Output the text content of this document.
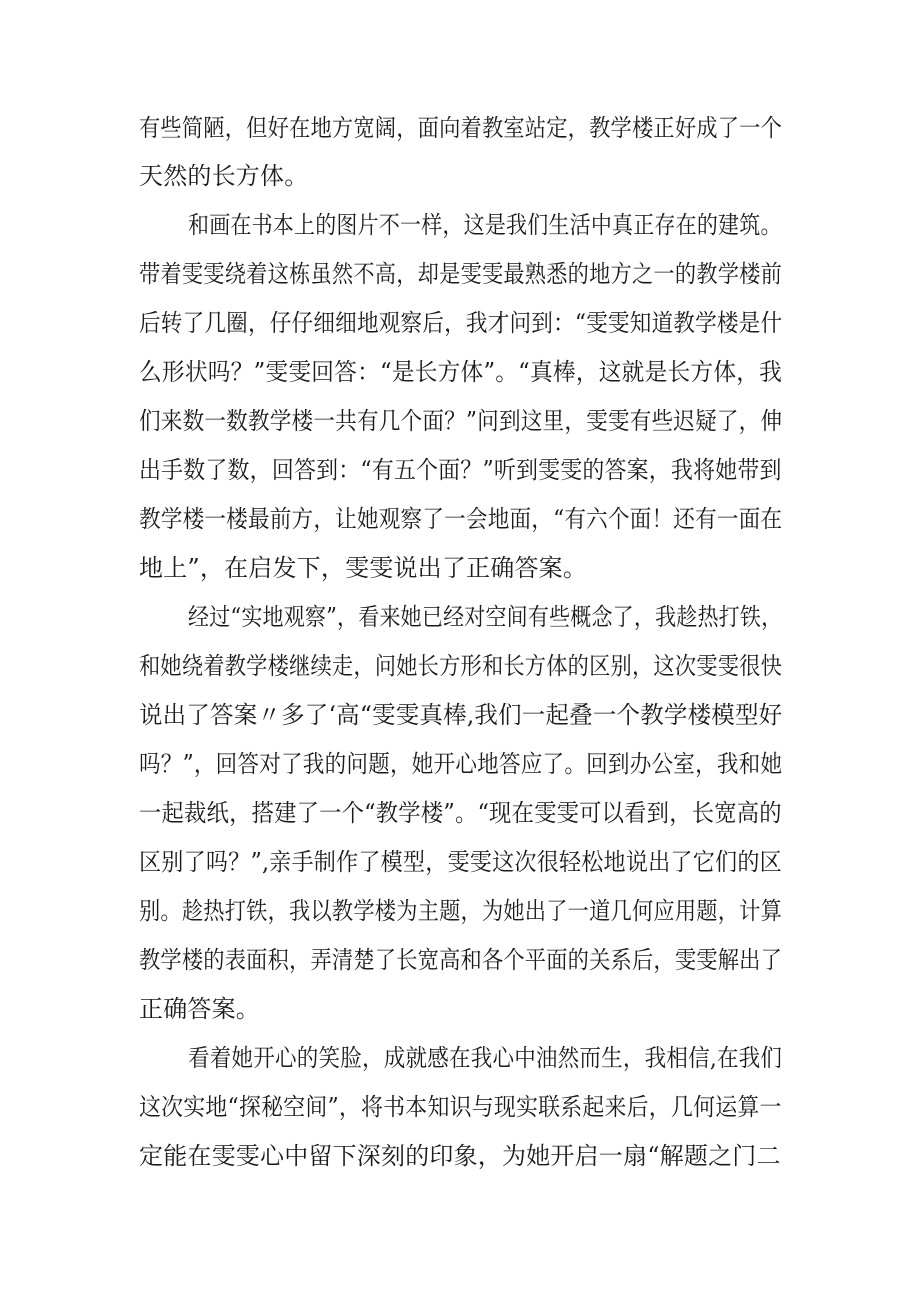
有些简陋，但好在地方宽阔，面向着教室站定，教学楼正好成了一个
天然的长方体。
和画在书本上的图片不一样，这是我们生活中真正存在的建筑。
带着雯雯绕着这栋虽然不高，却是雯雯最熟悉的地方之一的教学楼前
后转了几圈，仔仔细细地观察后，我才问到：“雯雯知道教学楼是什
么形状吗？”雯雯回答：“是长方体”。“真棒，这就是长方体，我
们来数一数教学楼一共有几个面？”问到这里，雯雯有些迟疑了，伸
出手数了数，回答到：“有五个面？”听到雯雯的答案，我将她带到
教学楼一楼最前方，让她观察了一会地面，“有六个面！还有一面在
地上”，在启发下，雯雯说出了正确答案。
经过“实地观察”，看来她已经对空间有些概念了，我趁热打铁，
和她绕着教学楼继续走，问她长方形和长方体的区别，这次雯雯很快
说出了答案〃多了‘高“雯雯真棒,我们一起叠一个教学楼模型好
吗？”，回答对了我的问题，她开心地答应了。回到办公室，我和她
一起裁纸，搭建了一个“教学楼”。“现在雯雯可以看到，长宽高的
区别了吗？”,亲手制作了模型，雯雯这次很轻松地说出了它们的区
别。趁热打铁，我以教学楼为主题，为她出了一道几何应用题，计算
教学楼的表面积，弄清楚了长宽高和各个平面的关系后，雯雯解出了
正确答案。
看着她开心的笑脸，成就感在我心中油然而生，我相信,在我们
这次实地“探秘空间”，将书本知识与现实联系起来后，几何运算一
定能在雯雯心中留下深刻的印象，为她开启一扇“解题之门二
